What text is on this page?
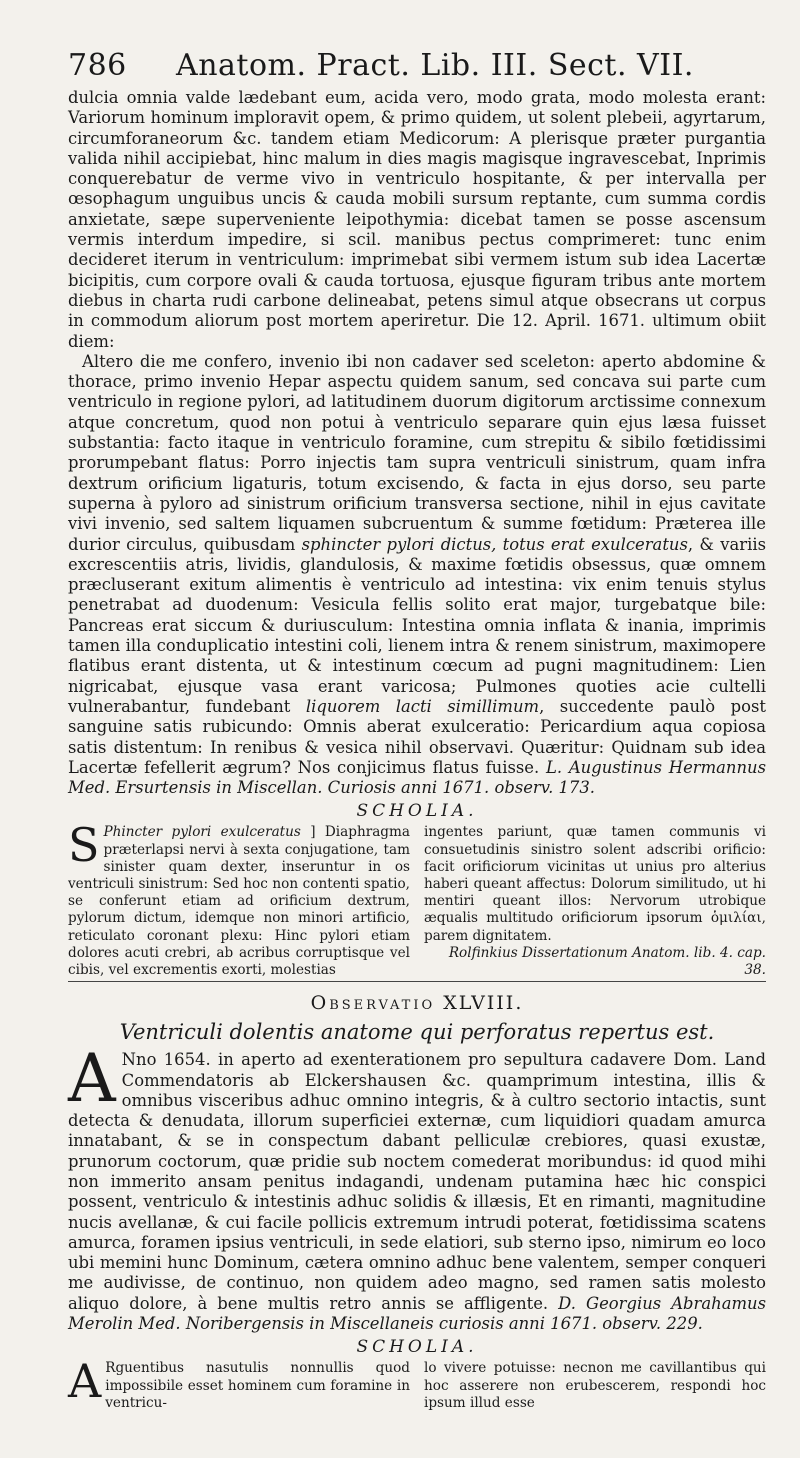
786	Anatom. Pract. Lib. III. Sect. VII.

dulcia omnia valde lædebant eum, acida vero, modo grata, modo molesta erant: Variorum hominum imploravit opem, & primo quidem, ut solent plebeii, agyrtarum, circumforaneorum &c. tandem etiam Medicorum: A plerisque præter purgantia valida nihil accipiebat, hinc malum in dies magis magisque ingravescebat, Inprimis conquerebatur de verme vivo in ventriculo hospitante, & per intervalla per œsophagum unguibus uncis & cauda mobili sursum reptante, cum summa cordis anxietate, sæpe superveniente leipothymia: dicebat tamen se posse ascensum vermis interdum impedire, si scil. manibus pectus comprimeret: tunc enim decideret iterum in ventriculum: imprimebat sibi vermem istum sub idea Lacertæ bicipitis, cum corpore ovali & cauda tortuosa, ejusque figuram tribus ante mortem diebus in charta rudi carbone delineabat, petens simul atque obsecrans ut corpus in commodum aliorum post mortem aperiretur. Die 12. April. 1671. ultimum obiit diem:

Altero die me confero, invenio ibi non cadaver sed sceleton: aperto abdomine & thorace, primo invenio Hepar aspectu quidem sanum, sed concava sui parte cum ventriculo in regione pylori, ad latitudinem duorum digitorum arctissime connexum atque concretum, quod non potui à ventriculo separare quin ejus læsa fuisset substantia: facto itaque in ventriculo foramine, cum strepitu & sibilo fœtidissimi prorumpebant flatus: Porro injectis tam supra ventriculi sinistrum, quam infra dextrum orificium ligaturis, totum excisendo, & facta in ejus dorso, seu parte superna à pyloro ad sinistrum orificium transversa sectione, nihil in ejus cavitate vivi invenio, sed saltem liquamen subcruentum & summe fœtidum: Præterea ille durior circulus, quibusdam sphincter pylori dictus, totus erat exulceratus, & variis excrescentiis atris, lividis, glandulosis, & maxime fœtidis obsessus, quæ omnem præcluserant exitum alimentis è ventriculo ad intestina: vix enim tenuis stylus penetrabat ad duodenum: Vesicula fellis solito erat major, turgebatque bile: Pancreas erat siccum & duriusculum: Intestina omnia inflata & inania, imprimis tamen illa conduplicatio intestini coli, lienem intra & renem sinistrum, maximopere flatibus erant distenta, ut & intestinum cœcum ad pugni magnitudinem: Lien nigricabat, ejusque vasa erant varicosa; Pulmones quoties acie cultelli vulnerabantur, fundebant liquorem lacti simillimum, succedente paulò post sanguine satis rubicundo: Omnis aberat exulceratio: Pericardium aqua copiosa satis distentum: In renibus & vesica nihil observavi. Quæritur: Quidnam sub idea Lacertæ fefellerit ægrum? Nos conjicimus flatus fuisse. L. Augustinus Hermannus Med. Ersurtensis in Miscellan. Curiosis anni 1671. observ. 173.

SCHOLIA.

S Phincter pylori exulceratus ] Diaphragma præterlapsi nervi à sexta conjugatione, tam sinister quam dexter, inseruntur in os ventriculi sinistrum: Sed hoc non contenti spatio, se conferunt etiam ad orificium dextrum, pylorum dictum, idemque non minori artificio, reticulato coronant plexu: Hinc pylori etiam dolores acuti crebri, ab acribus corruptisque vel cibis, vel excrementis exorti, molestias

ingentes pariunt, quæ tamen communis vi consuetudinis sinistro solent adscribi orificio: facit orificiorum vicinitas ut unius pro alterius haberi queant affectus: Dolorum similitudo, ut hi mentiri queant illos: Nervorum utrobique æqualis multitudo orificiorum ipsorum ὁμιλίαι, parem dignitatem.

Rolfinkius Dissertationum Anatom. lib. 4. cap. 38.

Observatio XLVIII.
Ventriculi dolentis anatome qui perforatus repertus est.

A Nno 1654. in aperto ad exenterationem pro sepultura cadavere Dom. Land Commendatoris ab Elckershausen &c. quamprimum intestina, illis & omnibus visceribus adhuc omnino integris, & à cultro sectorio intactis, sunt detecta & denudata, illorum superficiei externæ, cum liquidiori quadam amurca innatabant, & se in conspectum dabant pelliculæ crebiores, quasi exustæ, prunorum coctorum, quæ pridie sub noctem comederat moribundus: id quod mihi non immerito ansam penitus indagandi, undenam putamina hæc hic conspici possent, ventriculo & intestinis adhuc solidis & illæsis, Et en rimanti, magnitudine nucis avellanæ, & cui facile pollicis extremum intrudi poterat, fœtidissima scatens amurca, foramen ipsius ventriculi, in sede elatiori, sub sterno ipso, nimirum eo loco ubi memini hunc Dominum, cætera omnino adhuc bene valentem, semper conqueri me audivisse, de continuo, non quidem adeo magno, sed ramen satis molesto aliquo dolore, à bene multis retro annis se affligente. D. Georgius Abrahamus Merolin Med. Noribergensis in Miscellaneis curiosis anni 1671. observ. 229.

SCHOLIA.

A Rguentibus nasutulis nonnullis quod impossibile esset hominem cum foramine in ventricu-

lo vivere potuisse: necnon me cavillantibus qui hoc asserere non erubescerem, respondi hoc ipsum illud esse
